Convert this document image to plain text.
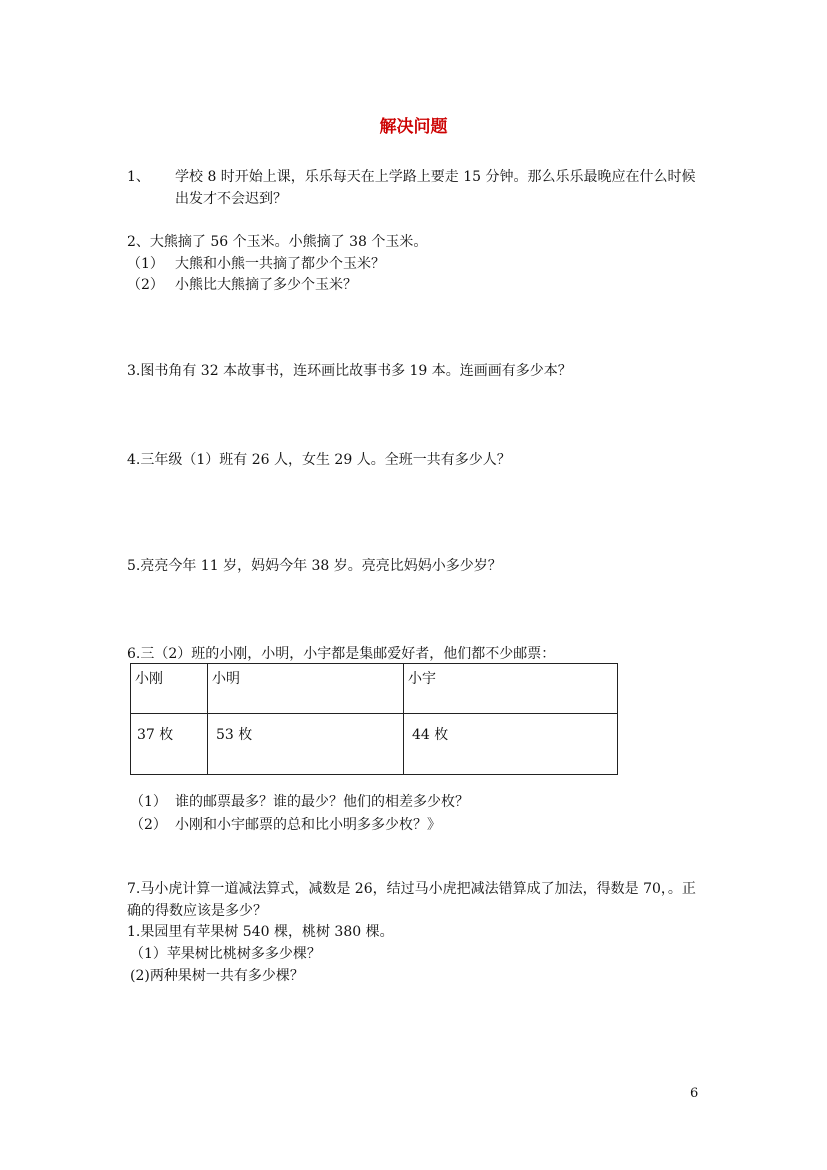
解决问题
1、 学校 8 时开始上课，乐乐每天在上学路上要走 15 分钟。那么乐乐最晚应在什么时候
出发才不会迟到？
2、大熊摘了 56 个玉米。小熊摘了 38 个玉米。
（1） 大熊和小熊一共摘了都少个玉米？
（2） 小熊比大熊摘了多少个玉米？
3.图书角有 32 本故事书，连环画比故事书多 19 本。连画画有多少本？
4.三年级（1）班有 26 人，女生 29 人。全班一共有多少人？
5.亮亮今年 11 岁，妈妈今年 38 岁。亮亮比妈妈小多少岁？
6.三（2）班的小刚，小明，小宇都是集邮爱好者，他们都不少邮票：
小刚	小明	小宇
37 枚	53 枚	44 枚
（1） 谁的邮票最多？谁的最少？他们的相差多少枚？
（2） 小刚和小宇邮票的总和比小明多多少枚？》
7.马小虎计算一道减法算式，减数是 26，结过马小虎把减法错算成了加法，得数是 70，。正
确的得数应该是多少？
1.果园里有苹果树 540 棵，桃树 380 棵。
（1）苹果树比桃树多多少棵？
(2)两种果树一共有多少棵？
6
